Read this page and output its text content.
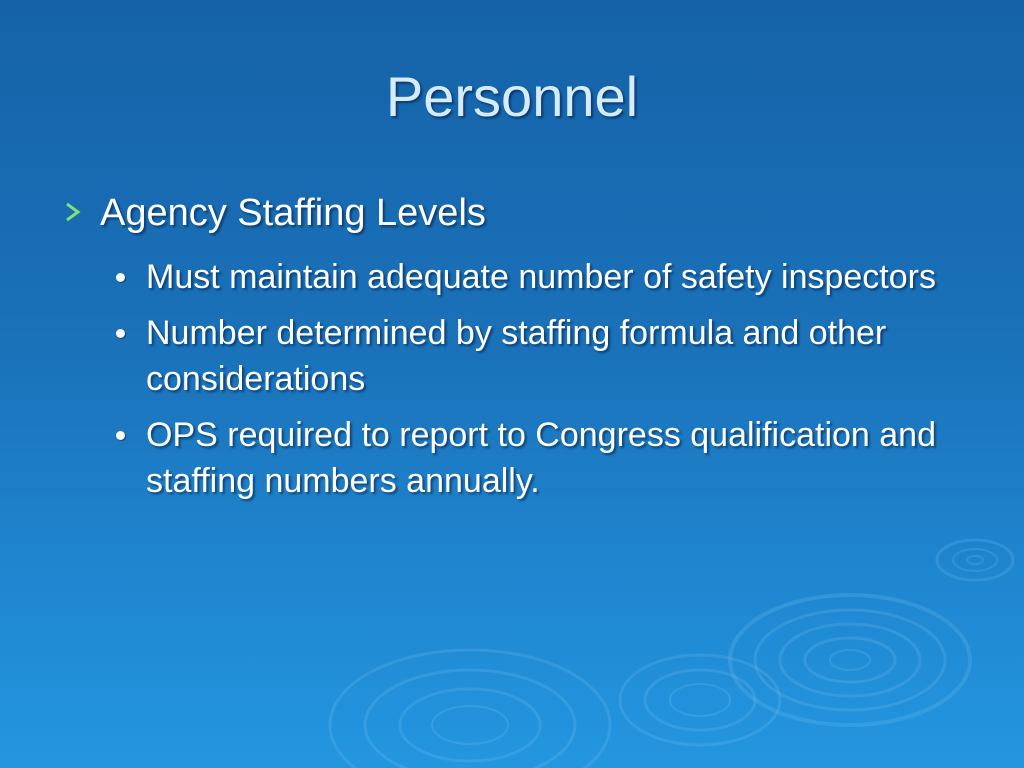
Personnel
Agency Staffing Levels
Must maintain adequate number of safety inspectors
Number determined by staffing formula and other considerations
OPS required to report to Congress qualification and staffing numbers annually.
